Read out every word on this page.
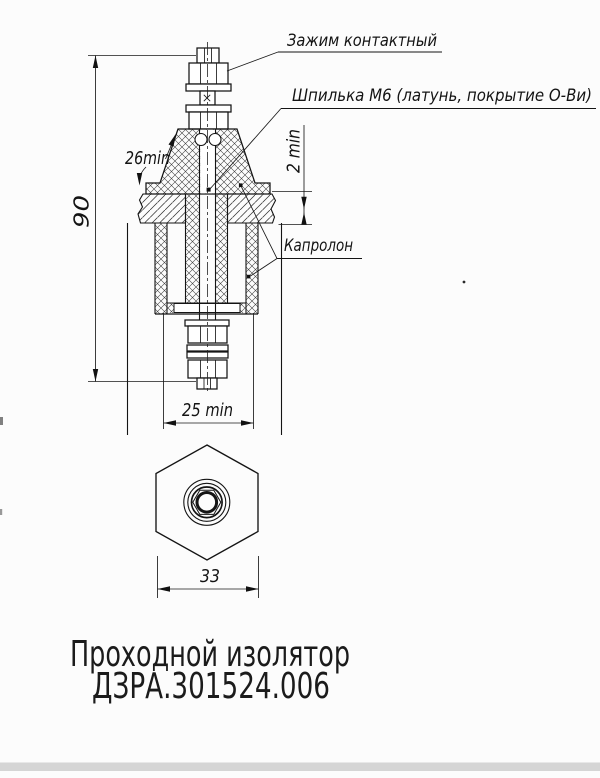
90
Зажим контактный
Шпилька М6 (латунь, покрытие О-Ви)
2 min
26min
Капролон
25 min
33
Проходной изолятор
ДЗРА.301524.006
